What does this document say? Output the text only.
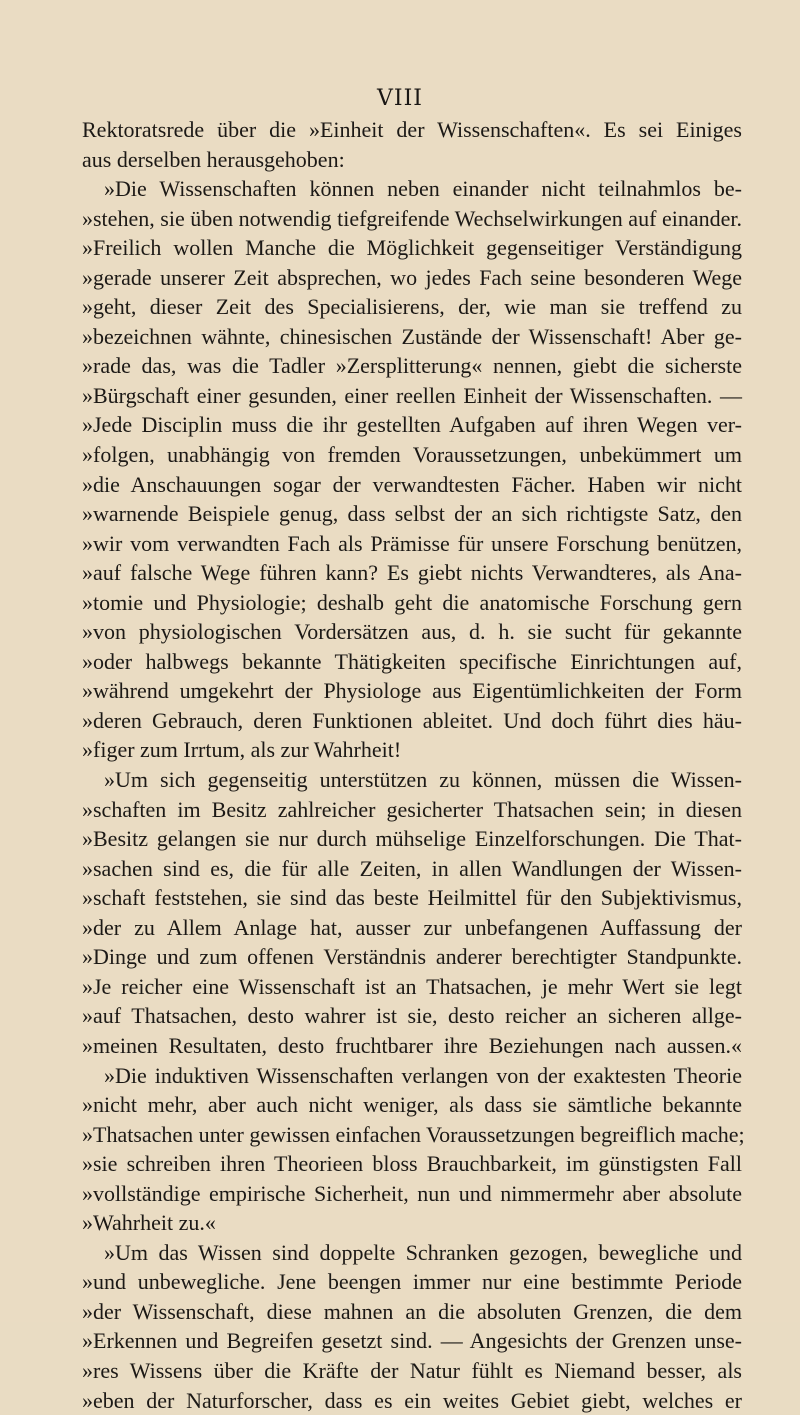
VIII
Rektoratsrede über die »Einheit der Wissenschaften«. Es sei Einiges
aus derselben herausgehoben:
»Die Wissenschaften können neben einander nicht teilnahmlos be-
»stehen, sie üben notwendig tiefgreifende Wechselwirkungen auf einander.
»Freilich wollen Manche die Möglichkeit gegenseitiger Verständigung
»gerade unserer Zeit absprechen, wo jedes Fach seine besonderen Wege
»geht, dieser Zeit des Specialisierens, der, wie man sie treffend zu
»bezeichnen wähnte, chinesischen Zustände der Wissenschaft! Aber ge-
»rade das, was die Tadler »Zersplitterung« nennen, giebt die sicherste
»Bürgschaft einer gesunden, einer reellen Einheit der Wissenschaften. —
»Jede Disciplin muss die ihr gestellten Aufgaben auf ihren Wegen ver-
»folgen, unabhängig von fremden Voraussetzungen, unbekümmert um
»die Anschauungen sogar der verwandtesten Fächer. Haben wir nicht
»warnende Beispiele genug, dass selbst der an sich richtigste Satz, den
»wir vom verwandten Fach als Prämisse für unsere Forschung benützen,
»auf falsche Wege führen kann? Es giebt nichts Verwandteres, als Ana-
»tomie und Physiologie; deshalb geht die anatomische Forschung gern
»von physiologischen Vordersätzen aus, d. h. sie sucht für gekannte
»oder halbwegs bekannte Thätigkeiten specifische Einrichtungen auf,
»während umgekehrt der Physiologe aus Eigentümlichkeiten der Form
»deren Gebrauch, deren Funktionen ableitet. Und doch führt dies häu-
»figer zum Irrtum, als zur Wahrheit!
»Um sich gegenseitig unterstützen zu können, müssen die Wissen-
»schaften im Besitz zahlreicher gesicherter Thatsachen sein; in diesen
»Besitz gelangen sie nur durch mühselige Einzelforschungen. Die That-
»sachen sind es, die für alle Zeiten, in allen Wandlungen der Wissen-
»schaft feststehen, sie sind das beste Heilmittel für den Subjektivismus,
»der zu Allem Anlage hat, ausser zur unbefangenen Auffassung der
»Dinge und zum offenen Verständnis anderer berechtigter Standpunkte.
»Je reicher eine Wissenschaft ist an Thatsachen, je mehr Wert sie legt
»auf Thatsachen, desto wahrer ist sie, desto reicher an sicheren allge-
»meinen Resultaten, desto fruchtbarer ihre Beziehungen nach aussen.«
»Die induktiven Wissenschaften verlangen von der exaktesten Theorie
»nicht mehr, aber auch nicht weniger, als dass sie sämtliche bekannte
»Thatsachen unter gewissen einfachen Voraussetzungen begreiflich mache;
»sie schreiben ihren Theorieen bloss Brauchbarkeit, im günstigsten Fall
»vollständige empirische Sicherheit, nun und nimmermehr aber absolute
»Wahrheit zu.«
»Um das Wissen sind doppelte Schranken gezogen, bewegliche und
»und unbewegliche. Jene beengen immer nur eine bestimmte Periode
»der Wissenschaft, diese mahnen an die absoluten Grenzen, die dem
»Erkennen und Begreifen gesetzt sind. — Angesichts der Grenzen unse-
»res Wissens über die Kräfte der Natur fühlt es Niemand besser, als
»eben der Naturforscher, dass es ein weites Gebiet giebt, welches er
